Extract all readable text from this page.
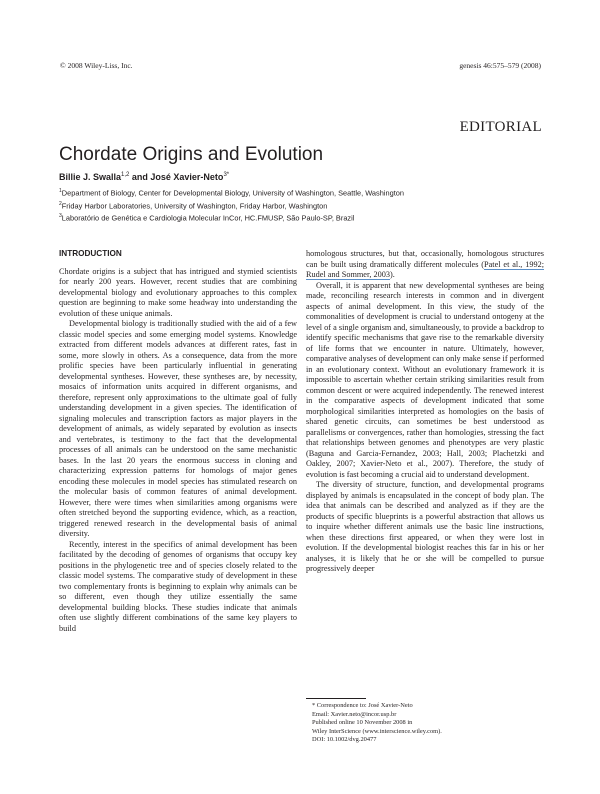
© 2008 Wiley-Liss, Inc.	genesis 46:575–579 (2008)
EDITORIAL
Chordate Origins and Evolution
Billie J. Swalla$^{1,2}$ and José Xavier-Neto$^{3*}$
$^1$Department of Biology, Center for Developmental Biology, University of Washington, Seattle, Washington
$^2$Friday Harbor Laboratories, University of Washington, Friday Harbor, Washington
$^3$Laboratório de Genética e Cardiologia Molecular InCor, HC.FMUSP, São Paulo-SP, Brazil
INTRODUCTION

Chordate origins is a subject that has intrigued and stymied scientists for nearly 200 years. However, recent studies that are combining developmental biology and evolutionary approaches to this complex question are beginning to make some headway into understanding the evolution of these unique animals.

Developmental biology is traditionally studied with the aid of a few classic model species and some emerging model systems. Knowledge extracted from different models advances at different rates, fast in some, more slowly in others. As a consequence, data from the more prolific species have been particularly influential in generating developmental syntheses. However, these syntheses are, by necessity, mosaics of information units acquired in different organisms, and therefore, represent only approximations to the ultimate goal of fully understanding development in a given species. The identification of signaling molecules and transcription factors as major players in the development of animals, as widely separated by evolution as insects and vertebrates, is testimony to the fact that the developmental processes of all animals can be understood on the same mechanistic bases. In the last 20 years the enormous success in cloning and characterizing expression patterns for homologs of major genes encoding these molecules in model species has stimulated research on the molecular basis of common features of animal development. However, there were times when similarities among organisms were often stretched beyond the supporting evidence, which, as a reaction, triggered renewed research in the developmental basis of animal diversity.

Recently, interest in the specifics of animal development has been facilitated by the decoding of genomes of organisms that occupy key positions in the phylogenetic tree and of species closely related to the classic model systems. The comparative study of development in these two complementary fronts is beginning to explain why animals can be so different, even though they utilize essentially the same developmental building blocks. These studies indicate that animals often use slightly different combinations of the same key players to build

homologous structures, but that, occasionally, homologous structures can be built using dramatically different molecules (Patel et al., 1992; Rudel and Sommer, 2003).

Overall, it is apparent that new developmental syntheses are being made, reconciling research interests in common and in divergent aspects of animal development. In this view, the study of the commonalities of development is crucial to understand ontogeny at the level of a single organism and, simultaneously, to provide a backdrop to identify specific mechanisms that gave rise to the remarkable diversity of life forms that we encounter in nature. Ultimately, however, comparative analyses of development can only make sense if performed in an evolutionary context. Without an evolutionary framework it is impossible to ascertain whether certain striking similarities result from common descent or were acquired independently. The renewed interest in the comparative aspects of development indicated that some morphological similarities interpreted as homologies on the basis of shared genetic circuits, can sometimes be best understood as parallelisms or convergences, rather than homologies, stressing the fact that relationships between genomes and phenotypes are very plastic (Baguna and Garcia-Fernandez, 2003; Hall, 2003; Plachetzki and Oakley, 2007; Xavier-Neto et al., 2007). Therefore, the study of evolution is fast becoming a crucial aid to understand development.

The diversity of structure, function, and developmental programs displayed by animals is encapsulated in the concept of body plan. The idea that animals can be described and analyzed as if they are the products of specific blueprints is a powerful abstraction that allows us to inquire whether different animals use the basic line instructions, when these directions first appeared, or when they were lost in evolution. If the developmental biologist reaches this far in his or her analyses, it is likely that he or she will be compelled to pursue progressively deeper

* Correspondence to: José Xavier-Neto

Email: Xavier.neto@incor.usp.br

Published online 10 November 2008 in

Wiley InterScience (www.interscience.wiley.com).

DOI: 10.1002/dvg.20477
